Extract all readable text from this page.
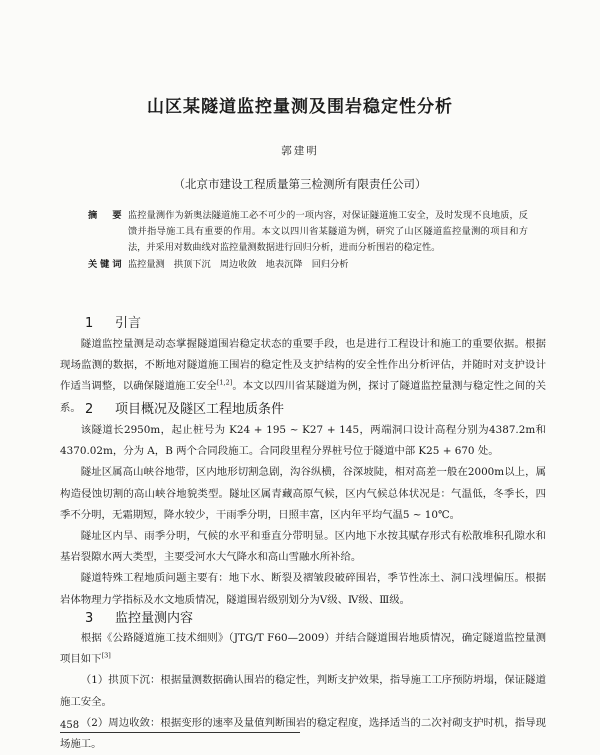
山区某隧道监控量测及围岩稳定性分析
郭建明
（北京市建设工程质量第三检测所有限责任公司）
摘　要 监控量测作为新奥法隧道施工必不可少的一项内容，对保证隧道施工安全，及时发现不良地质，反馈并指导施工具有重要的作用。本文以四川省某隧道为例，研究了山区隧道监控量测的项目和方法，并采用对数曲线对监控量测数据进行回归分析，进而分析围岩的稳定性。
关键词 监控量测　拱顶下沉　周边收敛　地表沉降　回归分析
1 引言

隧道监控量测是动态掌握隧道围岩稳定状态的重要手段，也是进行工程设计和施工的重要依据。根据现场监测的数据，不断地对隧道施工围岩的稳定性及支护结构的安全性作出分析评估，并随时对支护设计作适当调整，以确保隧道施工安全[1,2]。本文以四川省某隧道为例，探讨了隧道监控量测与稳定性之间的关系。 2 项目概况及隧区工程地质条件

该隧道长2950m，起止桩号为 K24 + 195 ~ K27 + 145，两端洞口设计高程分别为4387.2m和4370.02m，分为 A，B 两个合同段施工。合同段里程分界桩号位于隧道中部 K25 + 670 处。

隧址区属高山峡谷地带，区内地形切割急剧，沟谷纵横，谷深坡陡，相对高差一般在2000m以上，属构造侵蚀切割的高山峡谷地貌类型。隧址区属青藏高原气候，区内气候总体状况是：气温低，冬季长，四季不分明，无霜期短，降水较少，干雨季分明，日照丰富，区内年平均气温5 ~ 10℃。

隧址区内旱、雨季分明，气候的水平和垂直分带明显。区内地下水按其赋存形式有松散堆积孔隙水和基岩裂隙水两大类型，主要受河水大气降水和高山雪融水所补给。

隧道特殊工程地质问题主要有：地下水、断裂及褶皱段破碎围岩，季节性冻土、洞口浅埋偏压。根据岩体物理力学指标及水文地质情况，隧道围岩级别划分为Ⅴ级、Ⅳ级、Ⅲ级。

3 监控量测内容

根据《公路隧道施工技术细则》（JTG/T F60—2009）并结合隧道围岩地质情况，确定隧道监控量测项目如下[3]

（1）拱顶下沉：根据量测数据确认围岩的稳定性，判断支护效果，指导施工工序预防坍塌，保证隧道施工安全。

（2）周边收敛：根据变形的速率及量值判断围岩的稳定程度，选择适当的二次衬砌支护时机，指导现场施工。

458
